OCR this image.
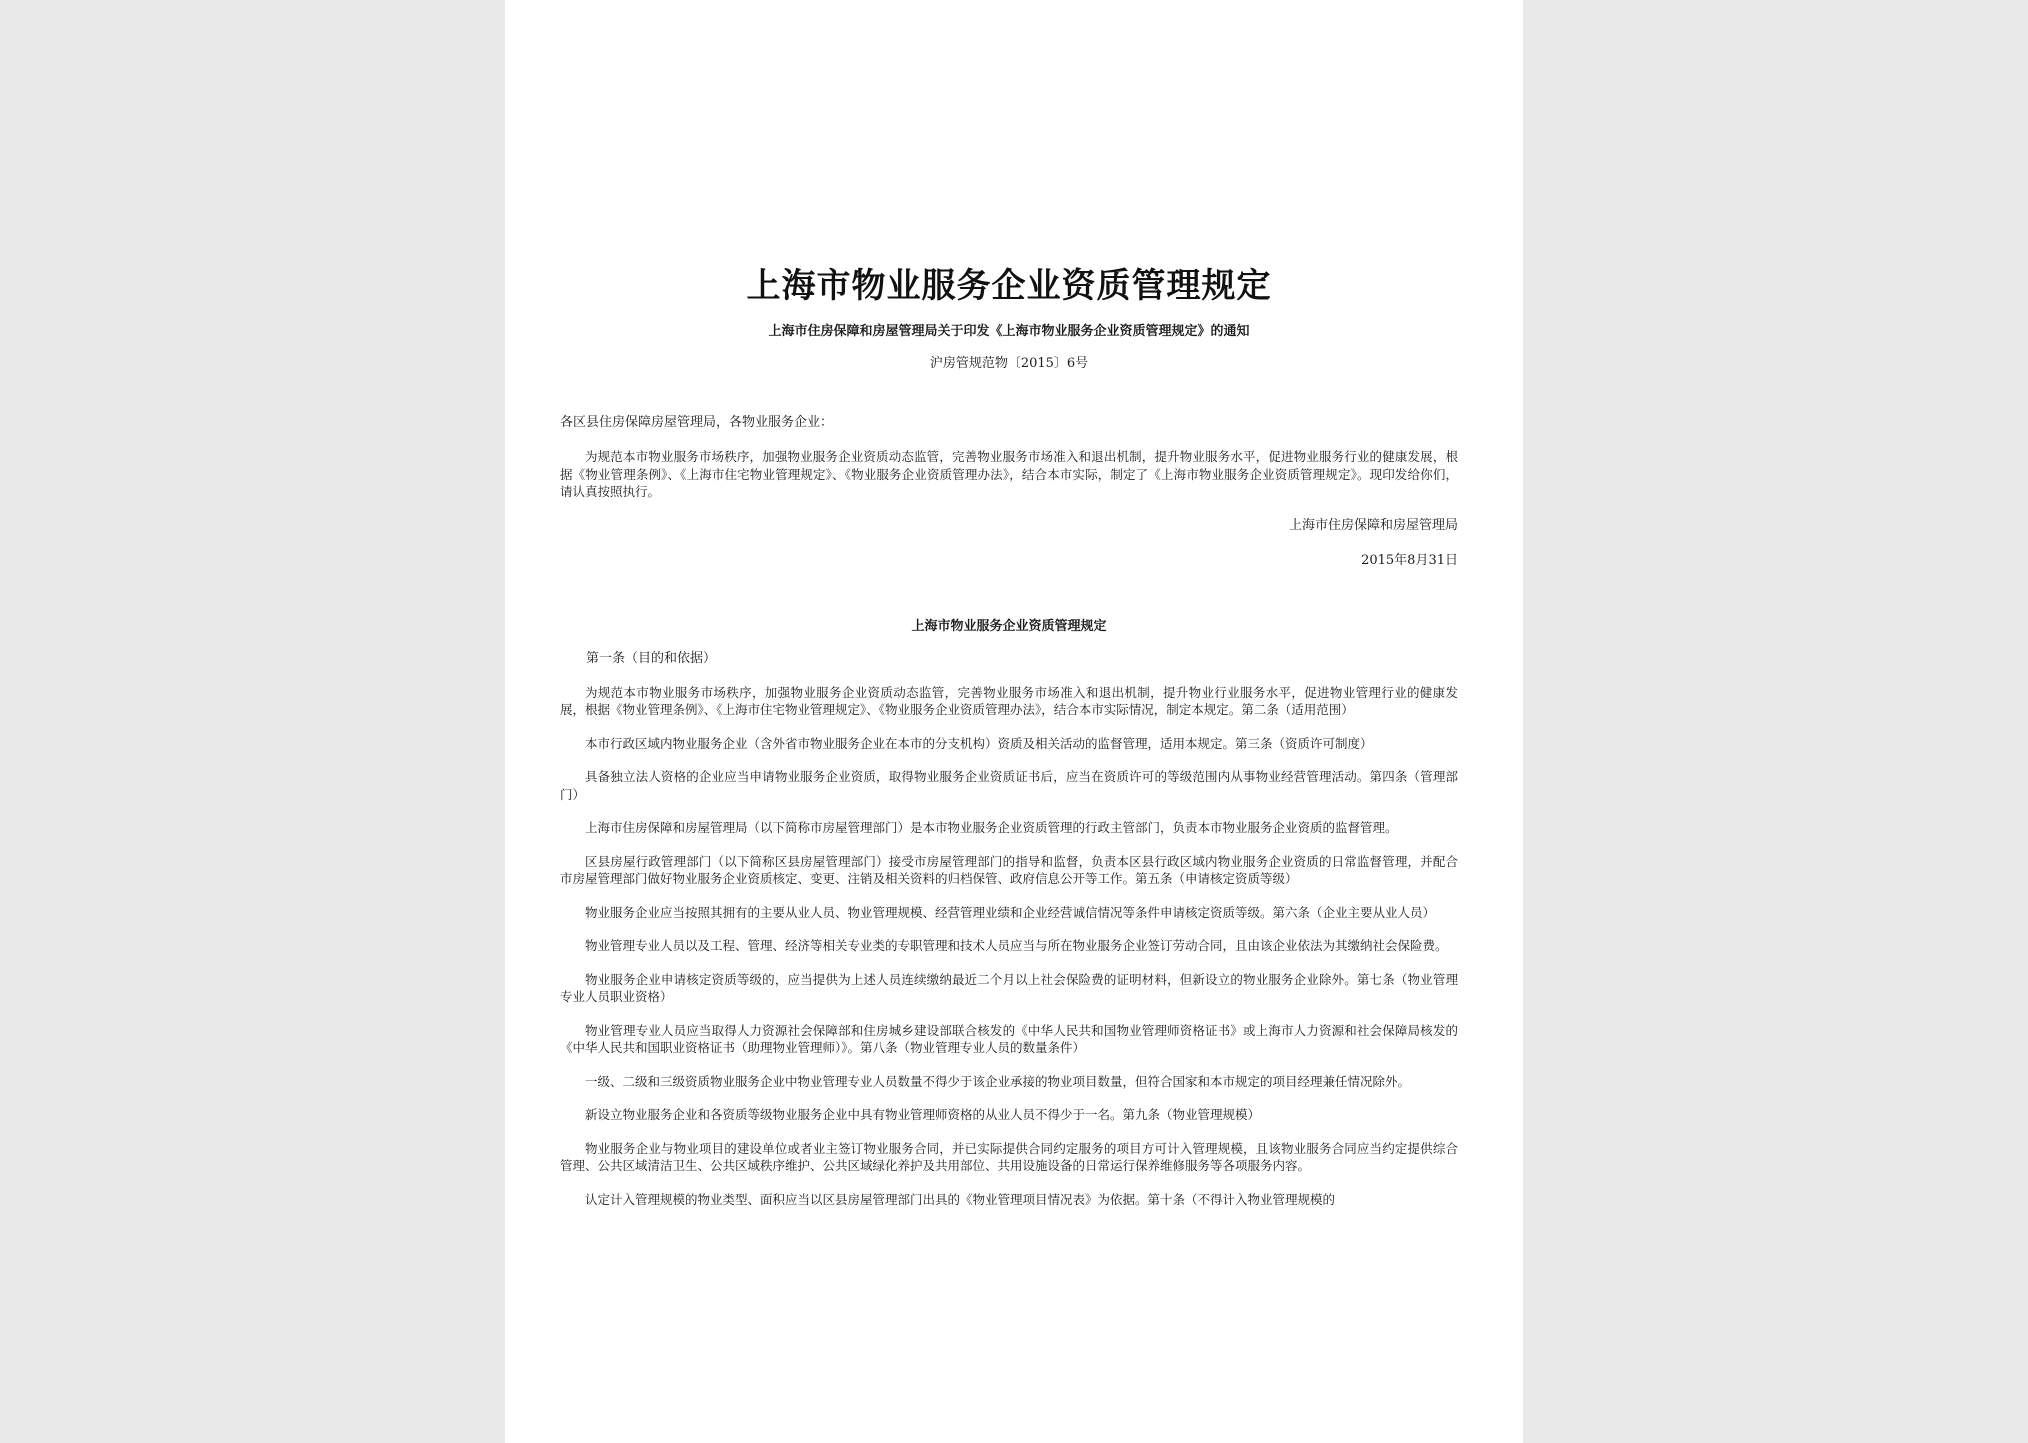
上海市物业服务企业资质管理规定
上海市住房保障和房屋管理局关于印发《上海市物业服务企业资质管理规定》的通知
沪房管规范物〔2015〕6号
各区县住房保障房屋管理局，各物业服务企业：

为规范本市物业服务市场秩序，加强物业服务企业资质动态监管，完善物业服务市场准入和退出机制，提升物业服务水平，促进物业服务行业的健康发展，根据《物业管理条例》、《上海市住宅物业管理规定》、《物业服务企业资质管理办法》，结合本市实际，制定了《上海市物业服务企业资质管理规定》。现印发给你们，请认真按照执行。

上海市住房保障和房屋管理局
2015年8月31日
上海市物业服务企业资质管理规定
第一条（目的和依据）

为规范本市物业服务市场秩序，加强物业服务企业资质动态监管，完善物业服务市场准入和退出机制，提升物业行业服务水平，促进物业管理行业的健康发展，根据《物业管理条例》、《上海市住宅物业管理规定》、《物业服务企业资质管理办法》，结合本市实际情况，制定本规定。第二条（适用范围）

本市行政区域内物业服务企业（含外省市物业服务企业在本市的分支机构）资质及相关活动的监督管理，适用本规定。第三条（资质许可制度）

具备独立法人资格的企业应当申请物业服务企业资质，取得物业服务企业资质证书后，应当在资质许可的等级范围内从事物业经营管理活动。第四条（管理部门）

上海市住房保障和房屋管理局（以下简称市房屋管理部门）是本市物业服务企业资质管理的行政主管部门，负责本市物业服务企业资质的监督管理。

区县房屋行政管理部门（以下简称区县房屋管理部门）接受市房屋管理部门的指导和监督，负责本区县行政区域内物业服务企业资质的日常监督管理，并配合市房屋管理部门做好物业服务企业资质核定、变更、注销及相关资料的归档保管、政府信息公开等工作。第五条（申请核定资质等级）

物业服务企业应当按照其拥有的主要从业人员、物业管理规模、经营管理业绩和企业经营诚信情况等条件申请核定资质等级。第六条（企业主要从业人员）

物业管理专业人员以及工程、管理、经济等相关专业类的专职管理和技术人员应当与所在物业服务企业签订劳动合同，且由该企业依法为其缴纳社会保险费。

物业服务企业申请核定资质等级的，应当提供为上述人员连续缴纳最近二个月以上社会保险费的证明材料，但新设立的物业服务企业除外。第七条（物业管理专业人员职业资格）

物业管理专业人员应当取得人力资源社会保障部和住房城乡建设部联合核发的《中华人民共和国物业管理师资格证书》或上海市人力资源和社会保障局核发的《中华人民共和国职业资格证书（助理物业管理师）》。第八条（物业管理专业人员的数量条件）

一级、二级和三级资质物业服务企业中物业管理专业人员数量不得少于该企业承接的物业项目数量，但符合国家和本市规定的项目经理兼任情况除外。

新设立物业服务企业和各资质等级物业服务企业中具有物业管理师资格的从业人员不得少于一名。第九条（物业管理规模）

物业服务企业与物业项目的建设单位或者业主签订物业服务合同，并已实际提供合同约定服务的项目方可计入管理规模，且该物业服务合同应当约定提供综合管理、公共区域清洁卫生、公共区域秩序维护、公共区域绿化养护及共用部位、共用设施设备的日常运行保养维修服务等各项服务内容。

认定计入管理规模的物业类型、面积应当以区县房屋管理部门出具的《物业管理项目情况表》为依据。第十条（不得计入物业管理规模的
